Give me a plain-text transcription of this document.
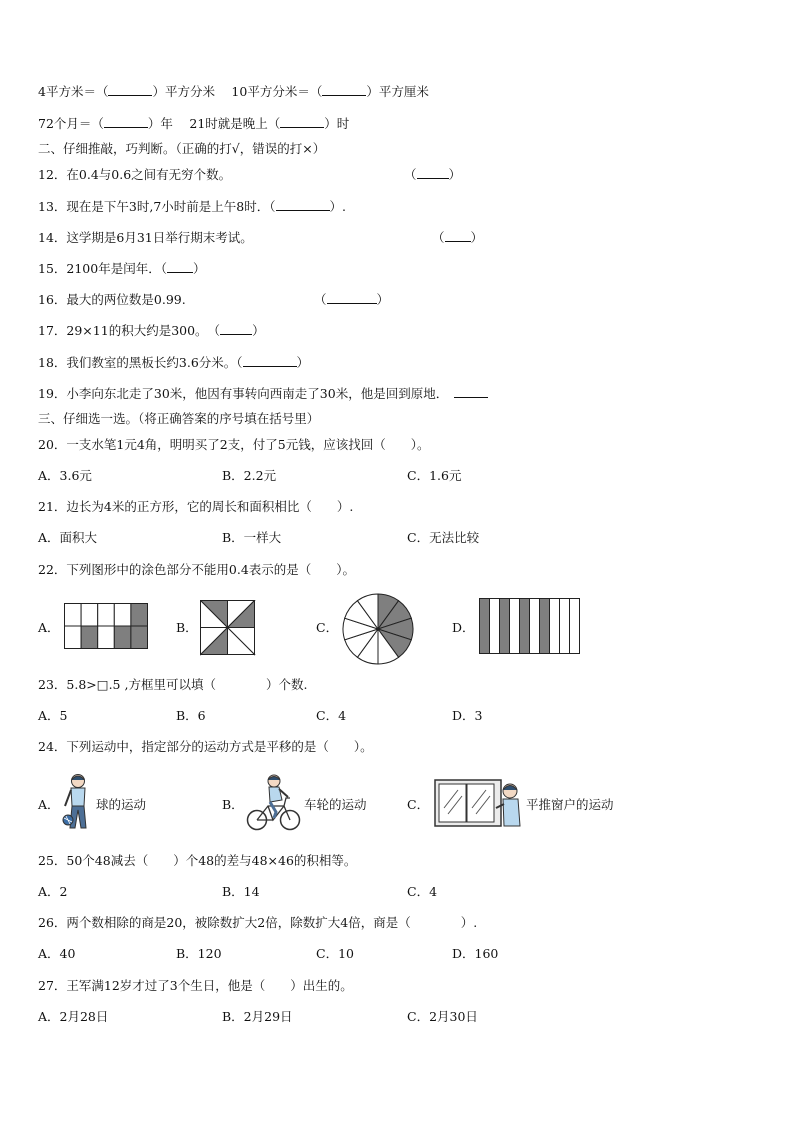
4平方米＝（	）平方分米　 10平方分米＝（	）平方厘米
72个月＝（	）年　 21时就是晚上（	）时
二、仔细推敲，巧判断。（正确的打√，错误的打×）
12．在0.4与0.6之间有无穷个数。	（	）
13．现在是下午3时,7小时前是上午8时．（	）.
14．这学期是6月31日举行期末考试。	（ ）
15．2100年是闰年．（ ）
16．最大的两位数是0.99.	（	）
17．29×11的积大约是300。　（	）
18．我们教室的黑板长约3.6分米。（	）
19．小李向东北走了30米，他因有事转向西南走了30米，他是回到原地．
三、仔细选一选。（将正确答案的序号填在括号里）
20．一支水笔1元4角，明明买了2支，付了5元钱，应该找回（　　）。
A．3.6元	B．2.2元	C．1.6元
21．边长为4米的正方形，它的周长和面积相比（　　）.
A．面积大	B．一样大	C．无法比较
22．下列图形中的涂色部分不能用0.4表示的是（　　）。
A．	B．	C．	D．
23．5.8>□.5 ,方框里可以填（　　　　）个数.
A．5	B．6	C．4	D．3
24．下列运动中，指定部分的运动方式是平移的是（　　）。
A．	B．	C．
球的运动	车轮的运动	平推窗户的运动
25．50个48减去（　　）个48的差与48×46的积相等。
A．2	B．14	C．4
26．两个数相除的商是20，被除数扩大2倍，除数扩大4倍，商是（　　　　）.
A．40	B．120	C．10	D．160
27．王军满12岁才过了3个生日，他是（　　）出生的。
A．2月28日	B．2月29日	C．2月30日
